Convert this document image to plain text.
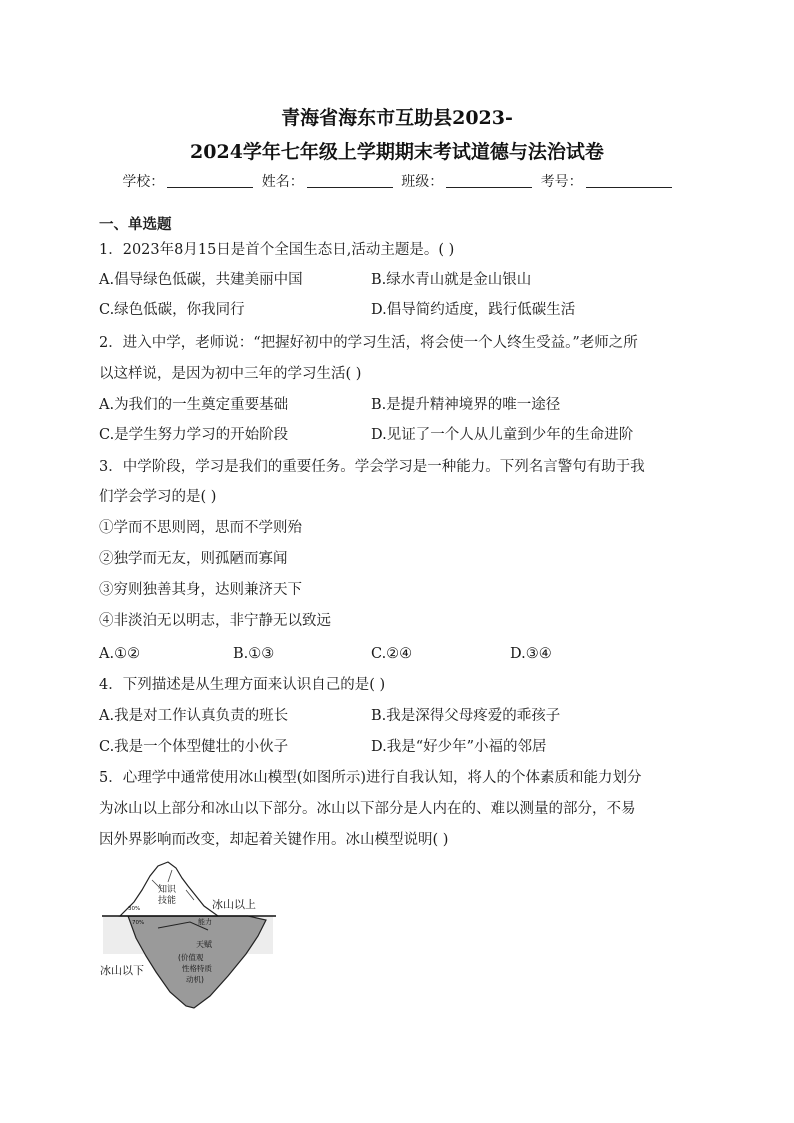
青海省海东市互助县2023-
2024学年七年级上学期期末考试道德与法治试卷
学校：	姓名：	班级：	考号：
一、单选题
1．2023年8月15日是首个全国生态日,活动主题是。( )
A.倡导绿色低碳，共建美丽中国	B.绿水青山就是金山银山
C.绿色低碳，你我同行	D.倡导简约适度，践行低碳生活
2．进入中学，老师说：“把握好初中的学习生活，将会使一个人终生受益。”老师之所
以这样说，是因为初中三年的学习生活( )
A.为我们的一生奠定重要基础	B.是提升精神境界的唯一途径
C.是学生努力学习的开始阶段	D.见证了一个人从儿童到少年的生命进阶
3．中学阶段，学习是我们的重要任务。学会学习是一种能力。下列名言警句有助于我
们学会学习的是( )
①学而不思则罔，思而不学则殆
②独学而无友，则孤陋而寡闻
③穷则独善其身，达则兼济天下
④非淡泊无以明志，非宁静无以致远
A.①②	B.①③	C.②④	D.③④
4．下列描述是从生理方面来认识自己的是( )
A.我是对工作认真负责的班长	B.我是深得父母疼爱的乖孩子
C.我是一个体型健壮的小伙子	D.我是“好少年”小福的邻居
5．心理学中通常使用冰山模型(如图所示)进行自我认知，将人的个体素质和能力划分
为冰山以上部分和冰山以下部分。冰山以下部分是人内在的、难以测量的部分，不易
因外界影响而改变，却起着关键作用。冰山模型说明( )
知识
技能
30%	冰山以上
70%	能力
天赋
(价值观
性格特质
动机)
冰山以下
